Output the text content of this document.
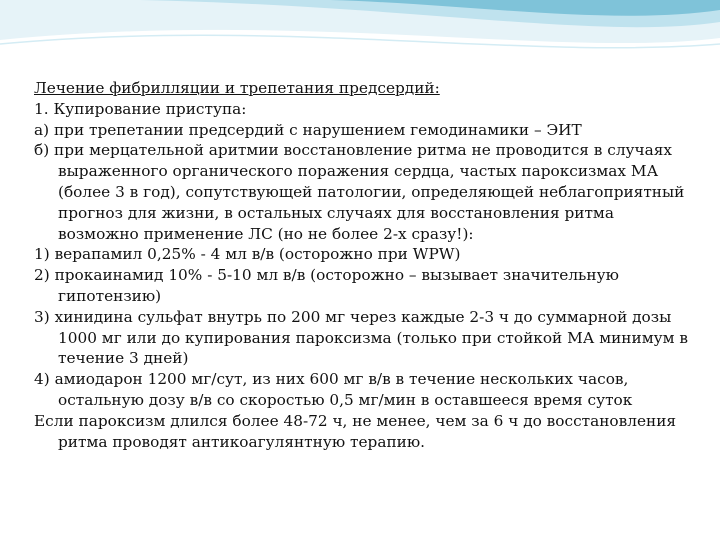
Лечение фибрилляции и трепетания предсердий:

1. Купирование приступа:

а) при трепетании предсердий с нарушением гемодинамики – ЭИТ

б) при мерцательной аритмии восстановление ритма не проводится в случаях выраженного органического поражения сердца, частых пароксизмах МА (более 3 в год), сопутствующей патологии, определяющей неблагоприятный прогноз для жизни, в остальных случаях для восстановления ритма возможно применение ЛС (но не более 2-х сразу!):

1) верапамил 0,25% - 4 мл в/в (осторожно при WPW)

2) прокаинамид 10% - 5-10 мл в/в (осторожно – вызывает значительную гипотензию)

3) хинидина сульфат внутрь по 200 мг через каждые 2-3 ч до суммарной дозы 1000 мг или до купирования пароксизма (только при стойкой МА минимум в течение 3 дней)

4) амиодарон 1200 мг/сут, из них 600 мг в/в в течение нескольких часов, остальную дозу в/в со скоростью 0,5 мг/мин в оставшееся время суток

Если пароксизм длился более 48-72 ч, не менее, чем за 6 ч до восстановления ритма проводят антикоагулянтную терапию.
